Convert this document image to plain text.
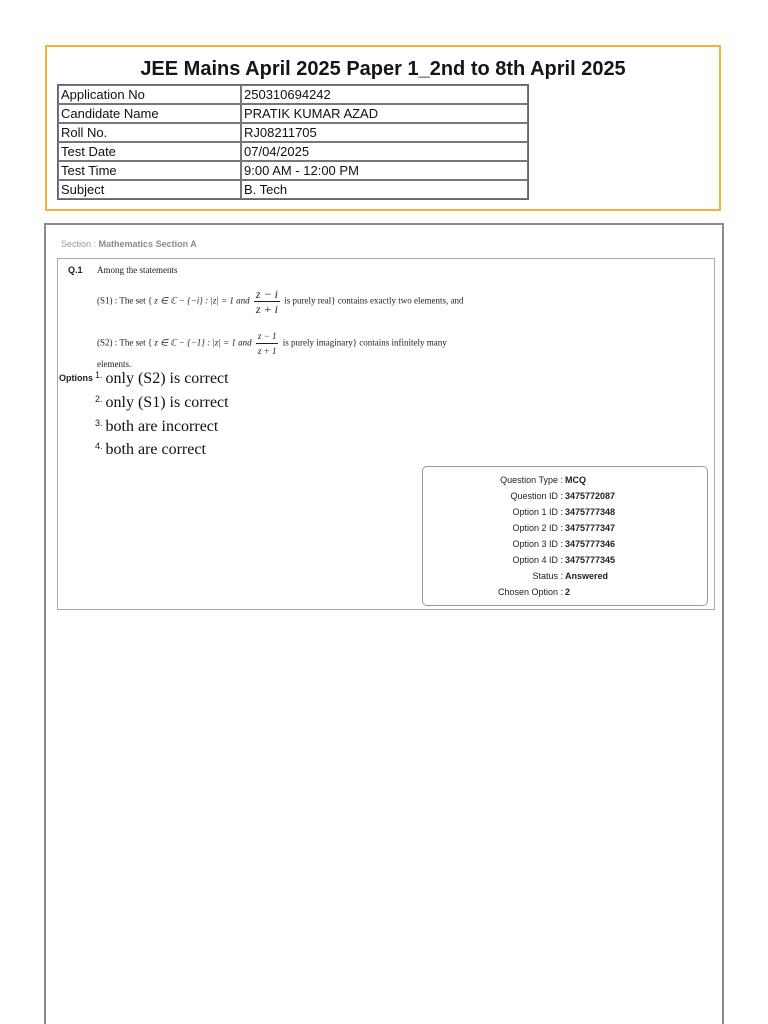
JEE Mains April 2025 Paper 1_2nd to 8th April 2025
Application No	250310694242
Candidate Name	PRATIK KUMAR AZAD
Roll No.	RJ08211705
Test Date	07/04/2025
Test Time	9:00 AM - 12:00 PM
Subject	B. Tech
Section : Mathematics Section A
Q.1 Among the statements
(S1) : The set { z ∈ ℂ − {−i} : |z| = 1 and $\frac{z - i}{z + i}$ is purely real} contains exactly two elements, and
(S2) : The set { z ∈ ℂ − {−1} : |z| = 1 and $\frac{z - 1}{z + 1}$ is purely imaginary} contains infinitely many
elements.
Options $^{1.}$ only (S2) is correct
$^{2.}$ only (S1) is correct
$^{3.}$ both are incorrect
$^{4.}$ both are correct
Question Type : MCQ
Question ID : 3475772087
Option 1 ID : 3475777348
Option 2 ID : 3475777347
Option 3 ID : 3475777346
Option 4 ID : 3475777345
Status : Answered
Chosen Option : 2
